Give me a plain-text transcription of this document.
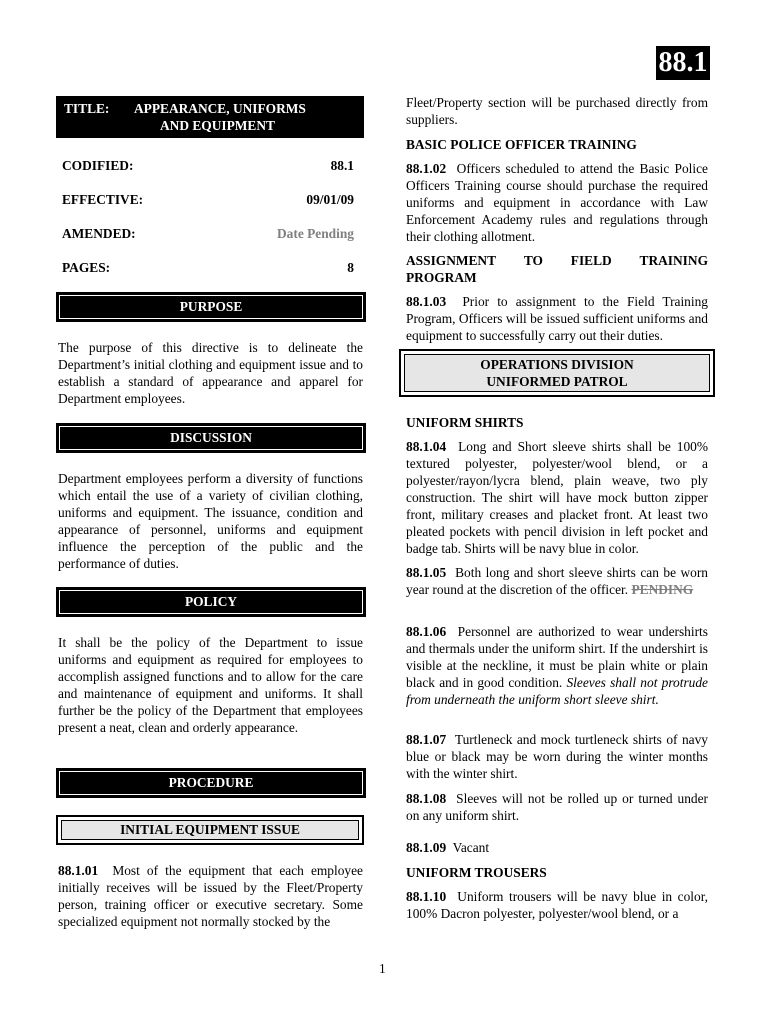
88.1
TITLE: APPEARANCE, UNIFORMS
AND EQUIPMENT
CODIFIED:	88.1
EFFECTIVE:	09/01/09
AMENDED:	Date Pending
PAGES:	8
PURPOSE

The purpose of this directive is to delineate the Department’s initial clothing and equipment issue and to establish a standard of appearance and apparel for Department employees.

DISCUSSION

Department employees perform a diversity of functions which entail the use of a variety of civilian clothing, uniforms and equipment. The issuance, condition and appearance of personnel, uniforms and equipment influence the perception of the public and the performance of duties.

POLICY

It shall be the policy of the Department to issue uniforms and equipment as required for employees to accomplish assigned functions and to allow for the care and maintenance of equipment and uniforms. It shall further be the policy of the Department that employees present a neat, clean and orderly appearance.

PROCEDURE
INITIAL EQUIPMENT ISSUE

88.1.01 Most of the equipment that each employee initially receives will be issued by the Fleet/Property person, training officer or executive secretary. Some specialized equipment not normally stocked by the

Fleet/Property section will be purchased directly from suppliers.

BASIC POLICE OFFICER TRAINING

88.1.02 Officers scheduled to attend the Basic Police Officers Training course should purchase the required uniforms and equipment in accordance with Law Enforcement Academy rules and regulations through their clothing allotment.

ASSIGNMENT TO FIELD TRAINING
PROGRAM

88.1.03 Prior to assignment to the Field Training Program, Officers will be issued sufficient uniforms and equipment to successfully carry out their duties.

OPERATIONS DIVISION
UNIFORMED PATROL

UNIFORM SHIRTS

88.1.04 Long and Short sleeve shirts shall be 100% textured polyester, polyester/wool blend, or a polyester/rayon/lycra blend, plain weave, two ply construction. The shirt will have mock button zipper front, military creases and placket front. At least two pleated pockets with pencil division in left pocket and badge tab. Shirts will be navy blue in color.

88.1.05 Both long and short sleeve shirts can be worn year round at the discretion of the officer. PENDING

88.1.06 Personnel are authorized to wear undershirts and thermals under the uniform shirt. If the undershirt is visible at the neckline, it must be plain white or plain black and in good condition. Sleeves shall not protrude from underneath the uniform short sleeve shirt.

88.1.07 Turtleneck and mock turtleneck shirts of navy blue or black may be worn during the winter months with the winter shirt.

88.1.08 Sleeves will not be rolled up or turned under on any uniform shirt.

88.1.09 Vacant

UNIFORM TROUSERS

88.1.10 Uniform trousers will be navy blue in color, 100% Dacron polyester, polyester/wool blend, or a

1
